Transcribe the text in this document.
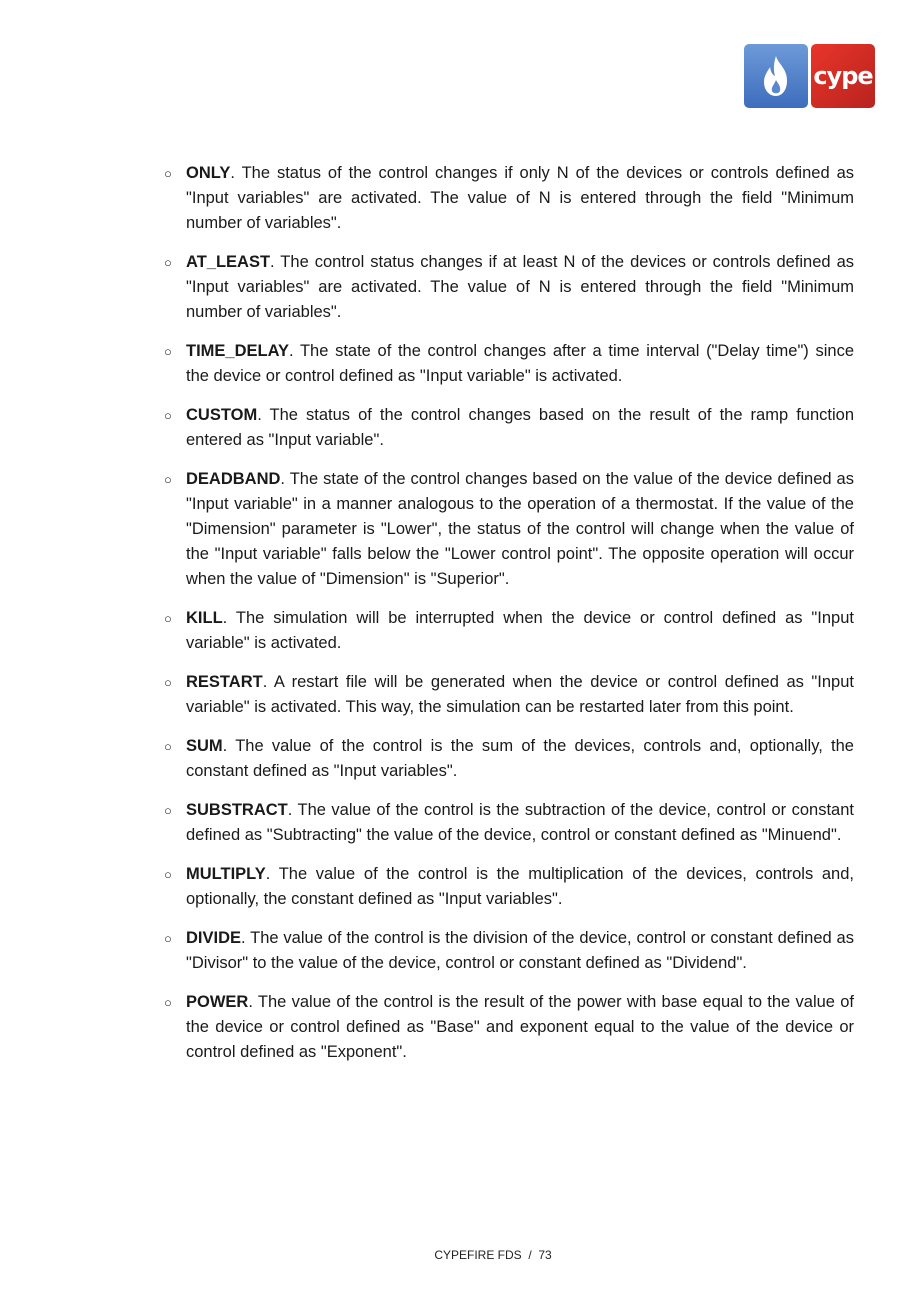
cype
○ ONLY. The status of the control changes if only N of the devices or controls defined as "Input variables" are activated. The value of N is entered through the field "Minimum number of variables".
○ AT_LEAST. The control status changes if at least N of the devices or controls defined as "Input variables" are activated. The value of N is entered through the field "Minimum number of variables".
○ TIME_DELAY. The state of the control changes after a time interval ("Delay time") since the device or control defined as "Input variable" is activated.
○ CUSTOM. The status of the control changes based on the result of the ramp function entered as "Input variable".
○ DEADBAND. The state of the control changes based on the value of the device defined as "Input variable" in a manner analogous to the operation of a thermostat. If the value of the "Dimension" parameter is "Lower", the status of the control will change when the value of the "Input variable" falls below the "Lower control point". The opposite operation will occur when the value of "Dimension" is "Superior".
○ KILL. The simulation will be interrupted when the device or control defined as "Input variable" is activated.
○ RESTART. A restart file will be generated when the device or control defined as "Input variable" is activated. This way, the simulation can be restarted later from this point.
○ SUM. The value of the control is the sum of the devices, controls and, optionally, the constant defined as "Input variables".
○ SUBSTRACT. The value of the control is the subtraction of the device, control or constant defined as "Subtracting" the value of the device, control or constant defined as "Minuend".
○ MULTIPLY. The value of the control is the multiplication of the devices, controls and, optionally, the constant defined as "Input variables".
○ DIVIDE. The value of the control is the division of the device, control or constant defined as "Divisor" to the value of the device, control or constant defined as "Dividend".
○ POWER. The value of the control is the result of the power with base equal to the value of the device or control defined as "Base" and exponent equal to the value of the device or control defined as "Exponent".
CYPEFIRE FDS  /  73
